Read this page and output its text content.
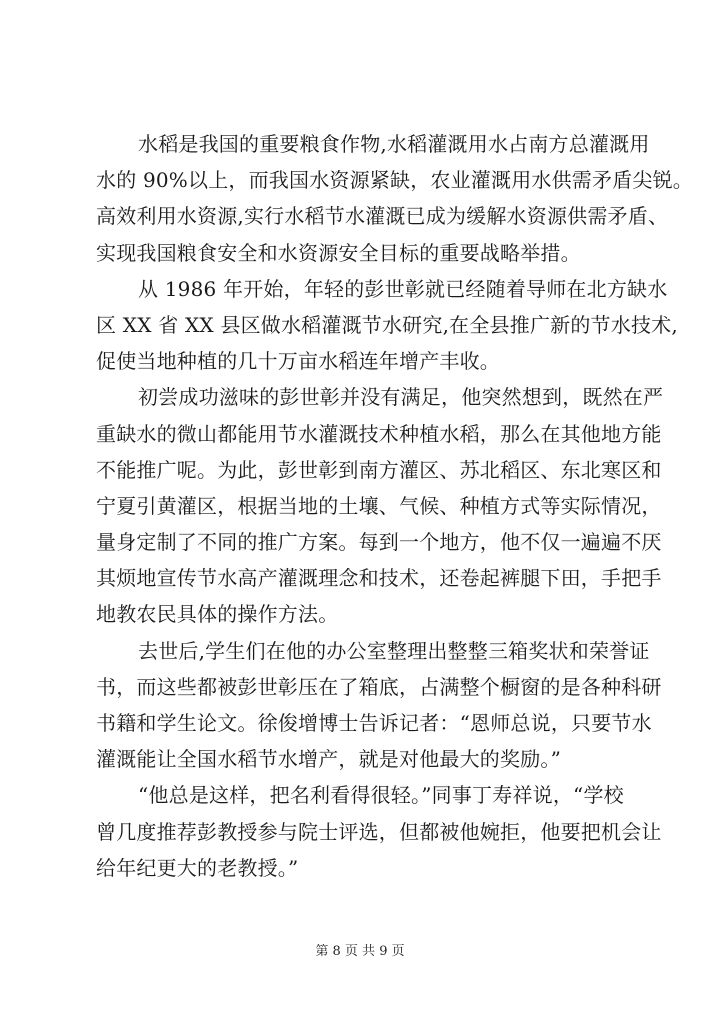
水稻是我国的重要粮食作物,水稻灌溉用水占南方总灌溉用
水的 90%以上，而我国水资源紧缺，农业灌溉用水供需矛盾尖锐。
高效利用水资源,实行水稻节水灌溉已成为缓解水资源供需矛盾、
实现我国粮食安全和水资源安全目标的重要战略举措。
从 1986 年开始，年轻的彭世彰就已经随着导师在北方缺水
区 XX 省 XX 县区做水稻灌溉节水研究,在全县推广新的节水技术,
促使当地种植的几十万亩水稻连年增产丰收。
初尝成功滋味的彭世彰并没有满足，他突然想到，既然在严
重缺水的微山都能用节水灌溉技术种植水稻，那么在其他地方能
不能推广呢。为此，彭世彰到南方灌区、苏北稻区、东北寒区和
宁夏引黄灌区，根据当地的土壤、气候、种植方式等实际情况，
量身定制了不同的推广方案。每到一个地方，他不仅一遍遍不厌
其烦地宣传节水高产灌溉理念和技术，还卷起裤腿下田，手把手
地教农民具体的操作方法。
去世后,学生们在他的办公室整理出整整三箱奖状和荣誉证
书，而这些都被彭世彰压在了箱底，占满整个橱窗的是各种科研
书籍和学生论文。徐俊增博士告诉记者：“恩师总说，只要节水
灌溉能让全国水稻节水增产，就是对他最大的奖励。”
“他总是这样，把名利看得很轻。”同事丁寿祥说，“学校
曾几度推荐彭教授参与院士评选，但都被他婉拒，他要把机会让
给年纪更大的老教授。”
第 8 页 共 9 页
